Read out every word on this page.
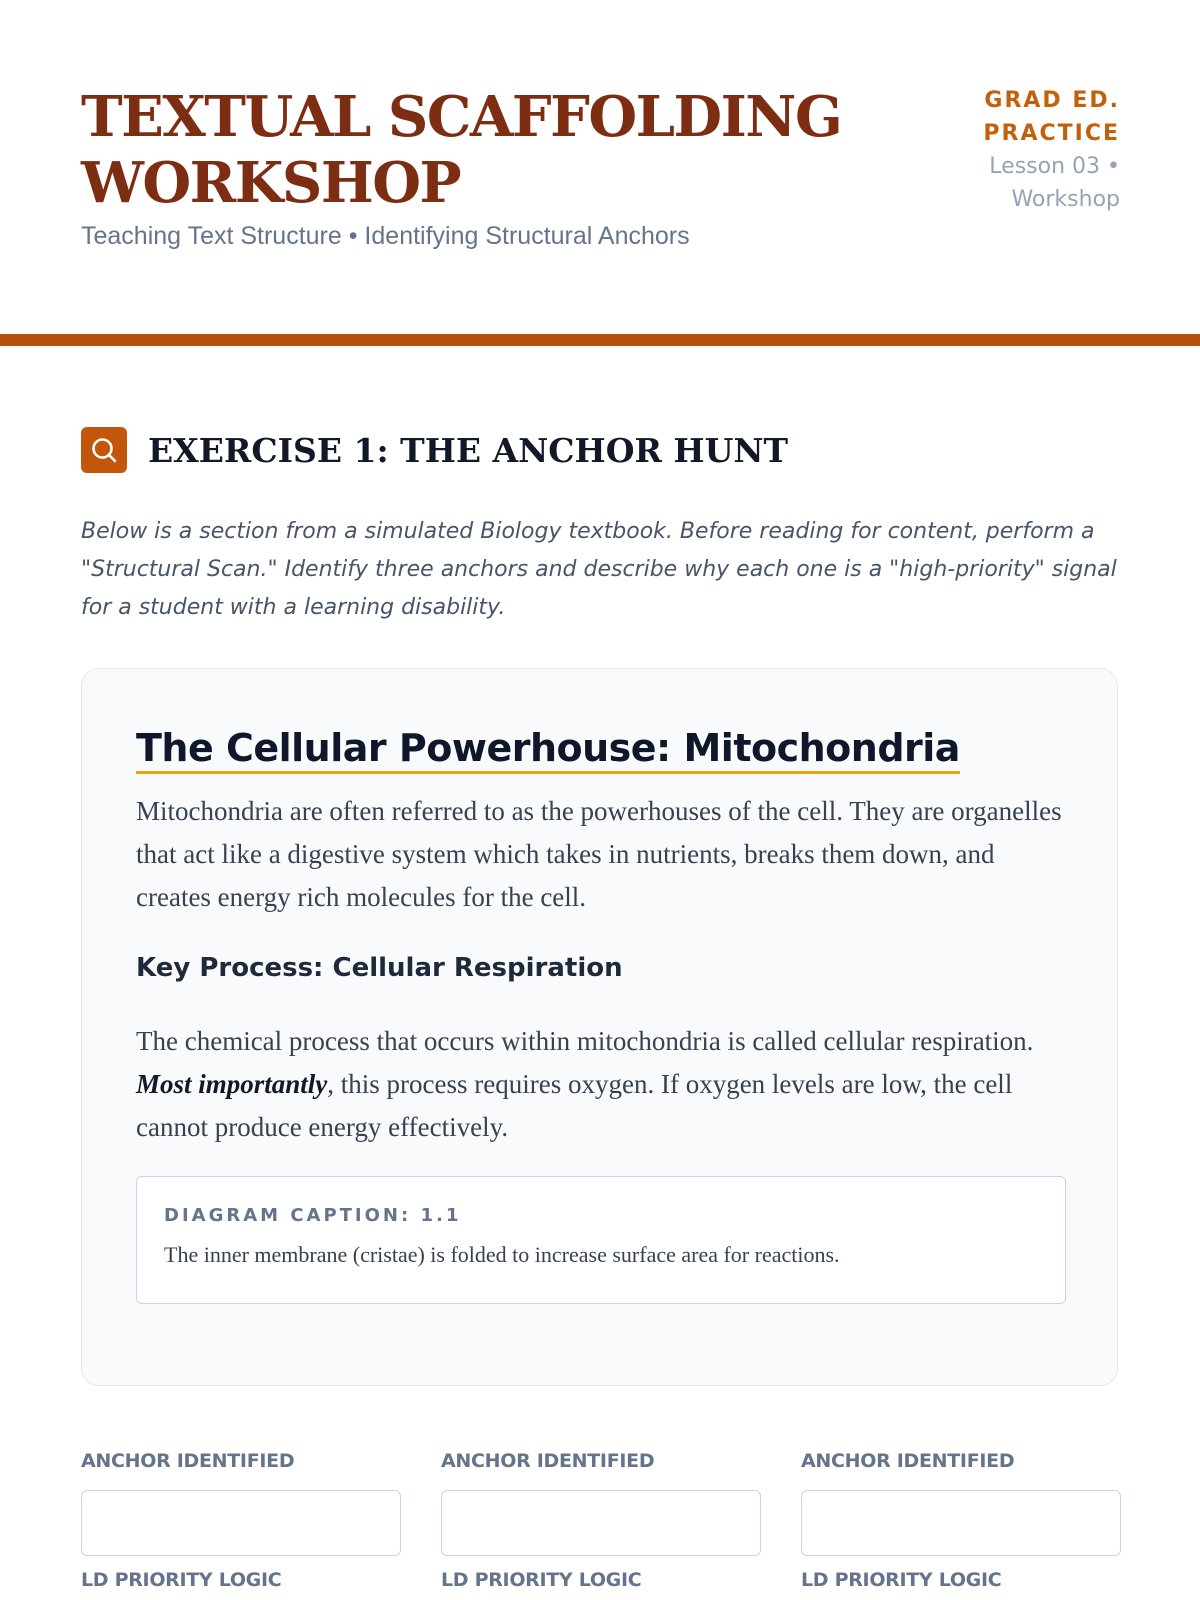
TEXTUAL SCAFFOLDING WORKSHOP
Teaching Text Structure • Identifying Structural Anchors
GRAD ED.
PRACTICE
Lesson 03 •
Workshop
EXERCISE 1: THE ANCHOR HUNT
Below is a section from a simulated Biology textbook. Before reading for content, perform a "Structural Scan." Identify three anchors and describe why each one is a "high-priority" signal for a student with a learning disability.
The Cellular Powerhouse: Mitochondria
Mitochondria are often referred to as the powerhouses of the cell. They are organelles that act like a digestive system which takes in nutrients, breaks them down, and creates energy rich molecules for the cell.
Key Process: Cellular Respiration
The chemical process that occurs within mitochondria is called cellular respiration. Most importantly, this process requires oxygen. If oxygen levels are low, the cell cannot produce energy effectively.
DIAGRAM CAPTION: 1.1
The inner membrane (cristae) is folded to increase surface area for reactions.
ANCHOR IDENTIFIED
LD PRIORITY LOGIC
ANCHOR IDENTIFIED
LD PRIORITY LOGIC
ANCHOR IDENTIFIED
LD PRIORITY LOGIC
